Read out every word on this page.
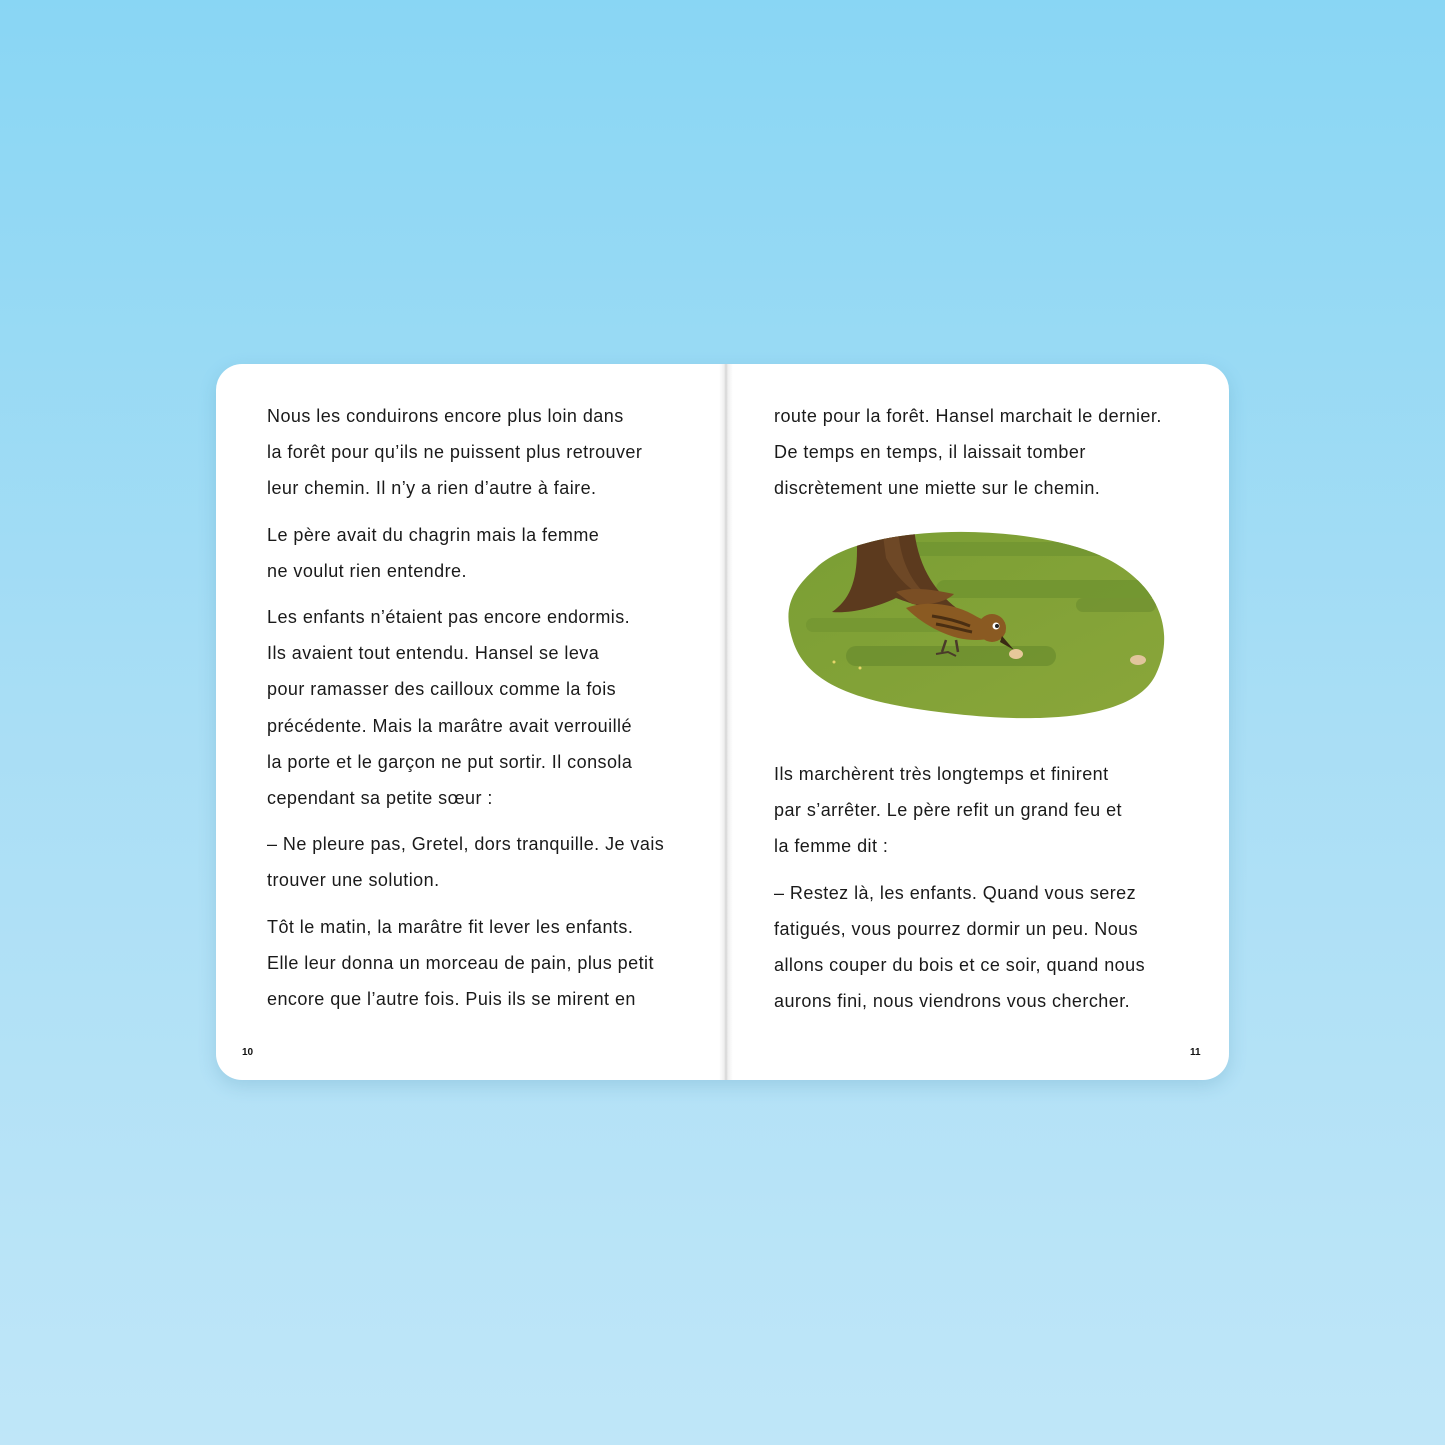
Nous les conduirons encore plus loin dans
la forêt pour qu’ils ne puissent plus retrouver
leur chemin. Il n’y a rien d’autre à faire.

Le père avait du chagrin mais la femme
ne voulut rien entendre.

Les enfants n’étaient pas encore endormis.
Ils avaient tout entendu. Hansel se leva
pour ramasser des cailloux comme la fois
précédente. Mais la marâtre avait verrouillé
la porte et le garçon ne put sortir. Il consola
cependant sa petite sœur :

– Ne pleure pas, Gretel, dors tranquille. Je vais
trouver une solution.

Tôt le matin, la marâtre fit lever les enfants.
Elle leur donna un morceau de pain, plus petit
encore que l’autre fois. Puis ils se mirent en

10

route pour la forêt. Hansel marchait le dernier.
De temps en temps, il laissait tomber
discrètement une miette sur le chemin.

Ils marchèrent très longtemps et finirent
par s’arrêter. Le père refit un grand feu et
la femme dit :

– Restez là, les enfants. Quand vous serez
fatigués, vous pourrez dormir un peu. Nous
allons couper du bois et ce soir, quand nous
aurons fini, nous viendrons vous chercher.

11
